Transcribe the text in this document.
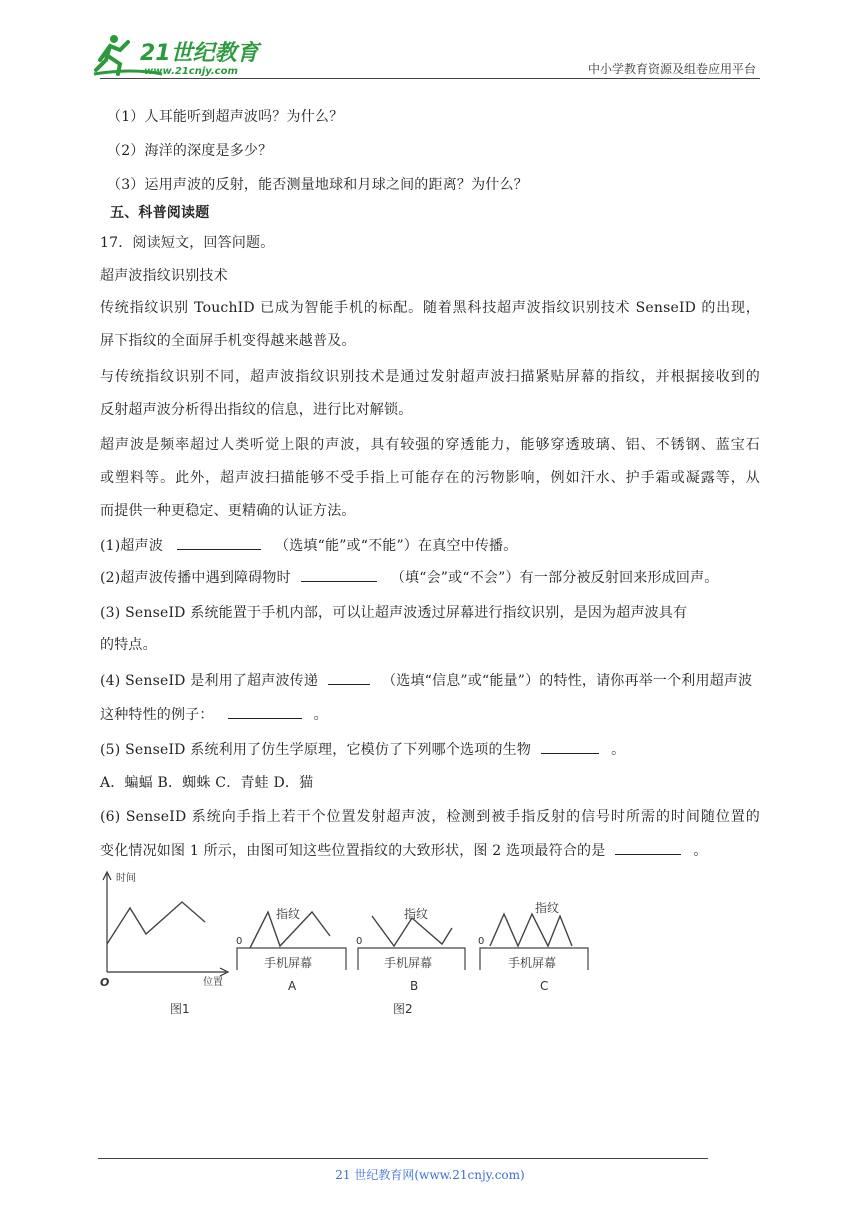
21世纪教育
www.21cnjy.com	中小学教育资源及组卷应用平台
（1）人耳能听到超声波吗？为什么？
（2）海洋的深度是多少？
（3）运用声波的反射，能否测量地球和月球之间的距离？为什么？
五、科普阅读题
17．阅读短文，回答问题。
超声波指纹识别技术
传统指纹识别 TouchID 已成为智能手机的标配。随着黑科技超声波指纹识别技术 SenseID 的出现，
屏下指纹的全面屏手机变得越来越普及。
与传统指纹识别不同，超声波指纹识别技术是通过发射超声波扫描紧贴屏幕的指纹，并根据接收到的
反射超声波分析得出指纹的信息，进行比对解锁。
超声波是频率超过人类听觉上限的声波，具有较强的穿透能力，能够穿透玻璃、铝、不锈钢、蓝宝石
或塑料等。此外，超声波扫描能够不受手指上可能存在的污物影响，例如汗水、护手霜或凝露等，从
而提供一种更稳定、更精确的认证方法。
(1)超声波	（选填“能”或“不能”）在真空中传播。
(2)超声波传播中遇到障碍物时	（填“会”或“不会”）有一部分被反射回来形成回声。
(3) SenseID 系统能置于手机内部，可以让超声波透过屏幕进行指纹识别，是因为超声波具有
的特点。
(4) SenseID 是利用了超声波传递	（选填“信息”或“能量”）的特性，请你再举一个利用超声波
这种特性的例子：	。
(5) SenseID 系统利用了仿生学原理，它模仿了下列哪个选项的生物	。
A．蝙蝠 B．蜘蛛 C．青蛙 D．猫
(6) SenseID 系统向手指上若干个位置发射超声波，检测到被手指反射的信号时所需的时间随位置的
变化情况如图 1 所示，由图可知这些位置指纹的大致形状，图 2 选项最符合的是	。
时间
位置
O
图1
0
指纹
手机屏幕
A
0
指纹
手机屏幕
B
0
指纹
手机屏幕
C
图2
21 世纪教育网(www.21cnjy.com)
